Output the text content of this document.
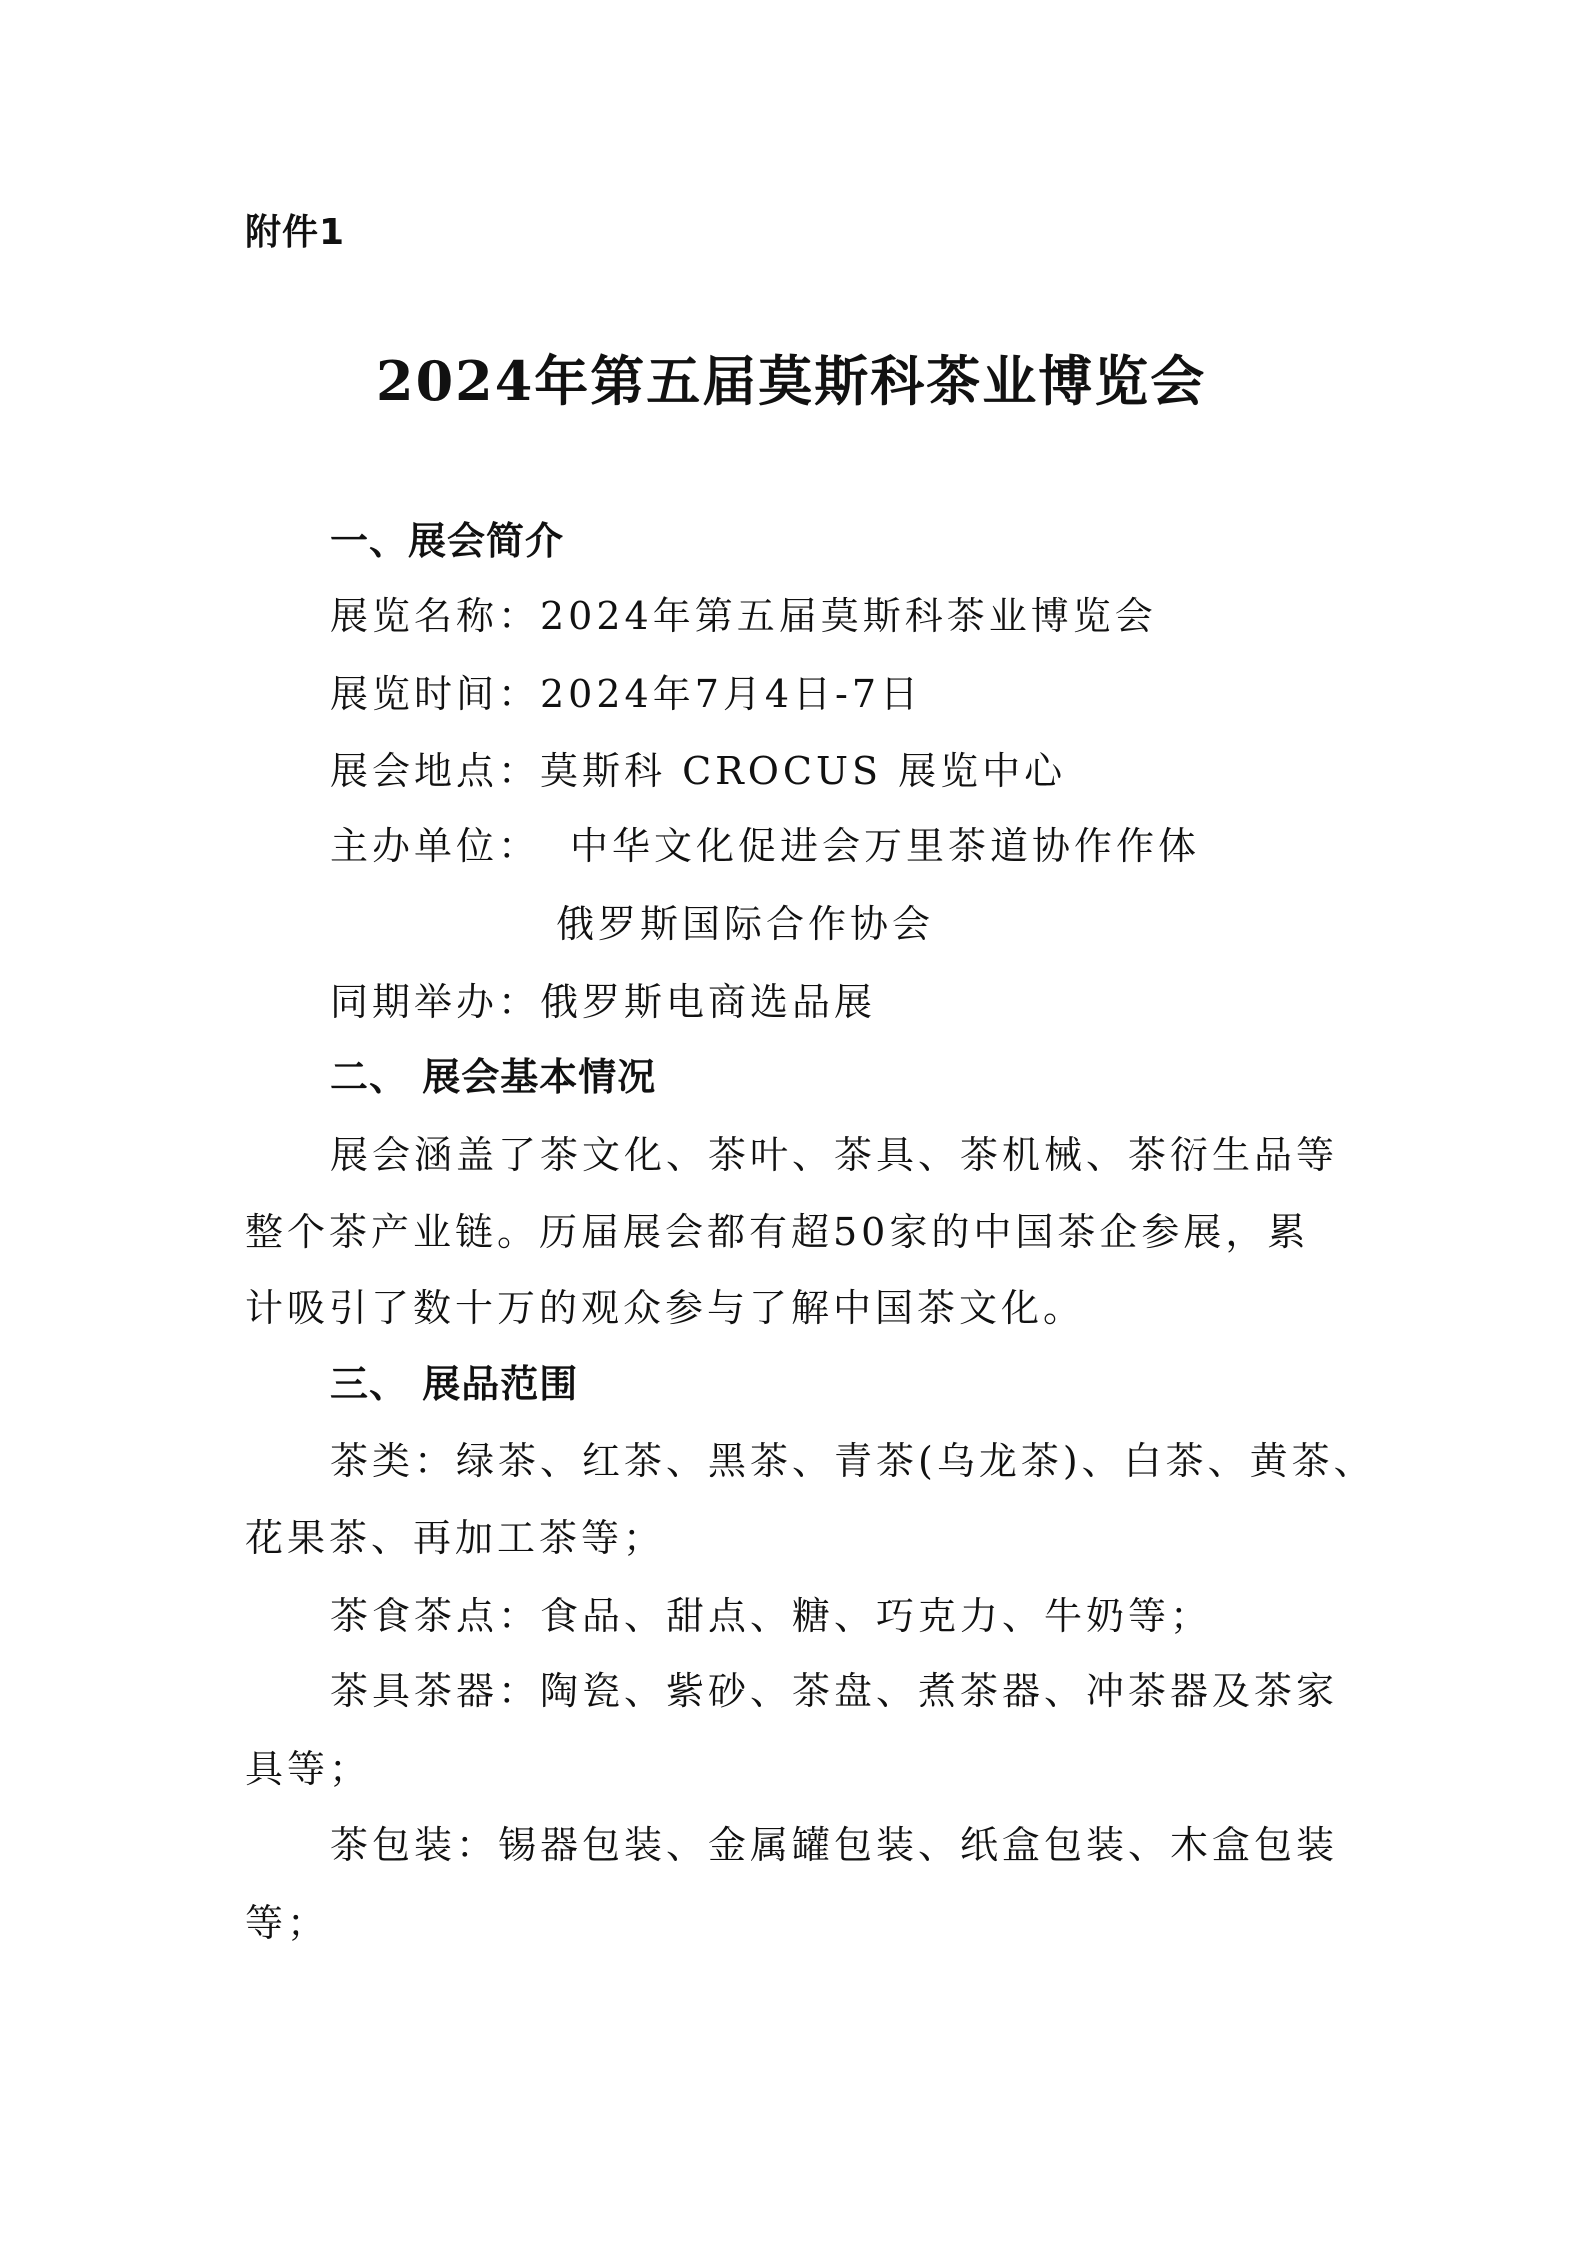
附件1
2024年第五届莫斯科茶业博览会
一、展会简介
展览名称：2024年第五届莫斯科茶业博览会
展览时间：2024年7月4日-7日
展会地点：莫斯科 CROCUS 展览中心
主办单位： 中华文化促进会万里茶道协作作体
俄罗斯国际合作协会
同期举办：俄罗斯电商选品展
二、 展会基本情况
展会涵盖了茶文化、茶叶、茶具、茶机械、茶衍生品等
整个茶产业链。历届展会都有超50家的中国茶企参展，累
计吸引了数十万的观众参与了解中国茶文化。
三、 展品范围
茶类：绿茶、红茶、黑茶、青茶(乌龙茶)、白茶、黄茶、
花果茶、再加工茶等；
茶食茶点：食品、甜点、糖、巧克力、牛奶等；
茶具茶器：陶瓷、紫砂、茶盘、煮茶器、冲茶器及茶家
具等；
茶包装：锡器包装、金属罐包装、纸盒包装、木盒包装
等；
